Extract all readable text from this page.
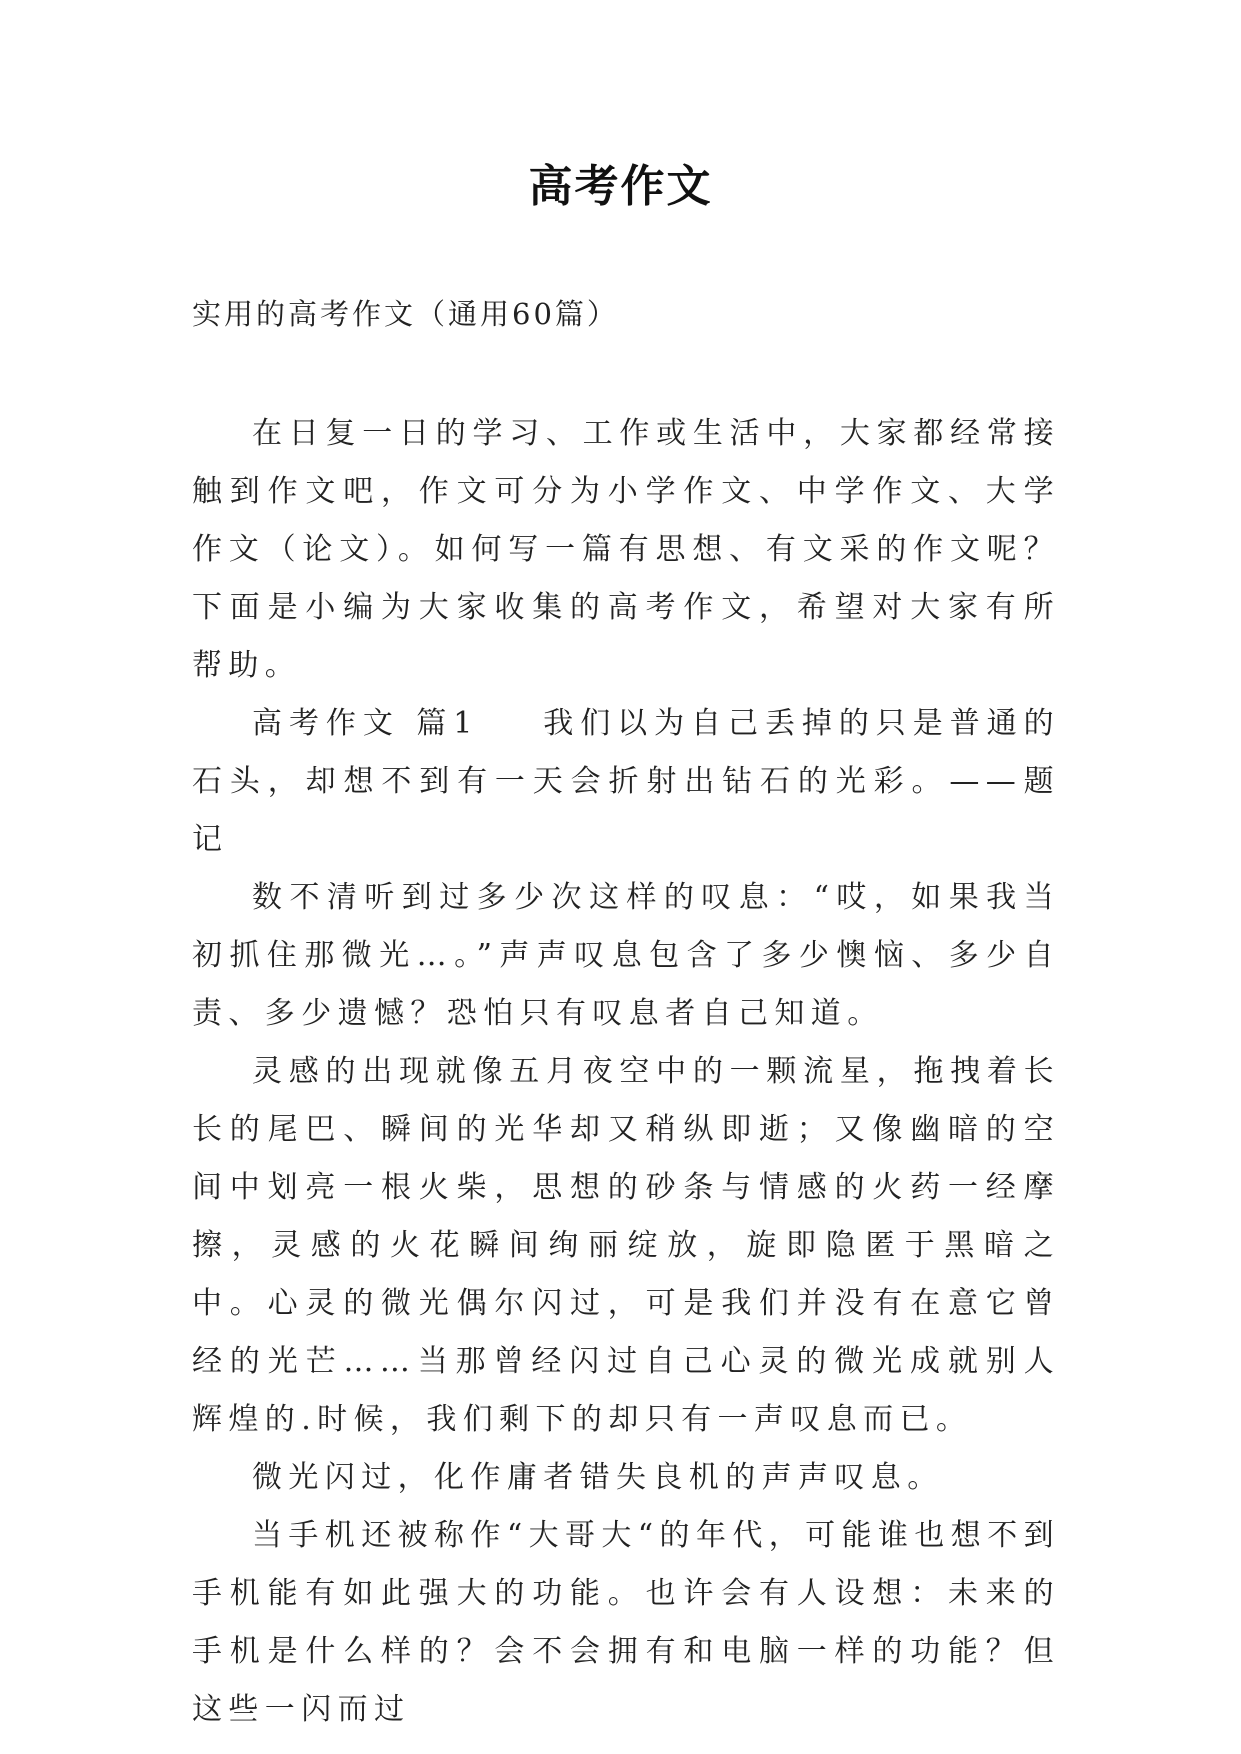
高考作文
实用的高考作文（通用60篇）

在日复一日的学习、工作或生活中，大家都经常接触到作文吧，作文可分为小学作文、中学作文、大学作文（论文）。如何写一篇有思想、有文采的作文呢？下面是小编为大家收集的高考作文，希望对大家有所帮助。

高考作文 篇1 我们以为自己丢掉的只是普通的石头，却想不到有一天会折射出钻石的光彩。——题记

数不清听到过多少次这样的叹息：“哎，如果我当初抓住那微光…。”声声叹息包含了多少懊恼、多少自责、多少遗憾？恐怕只有叹息者自己知道。

灵感的出现就像五月夜空中的一颗流星，拖拽着长长的尾巴、瞬间的光华却又稍纵即逝；又像幽暗的空间中划亮一根火柴，思想的砂条与情感的火药一经摩擦，灵感的火花瞬间绚丽绽放，旋即隐匿于黑暗之中。心灵的微光偶尔闪过，可是我们并没有在意它曾经的光芒……当那曾经闪过自己心灵的微光成就别人辉煌的.时候，我们剩下的却只有一声叹息而已。

微光闪过，化作庸者错失良机的声声叹息。

当手机还被称作“大哥大“的年代，可能谁也想不到手机能有如此强大的功能。也许会有人设想：未来的手机是什么样的？会不会拥有和电脑一样的功能？但这些一闪而过
